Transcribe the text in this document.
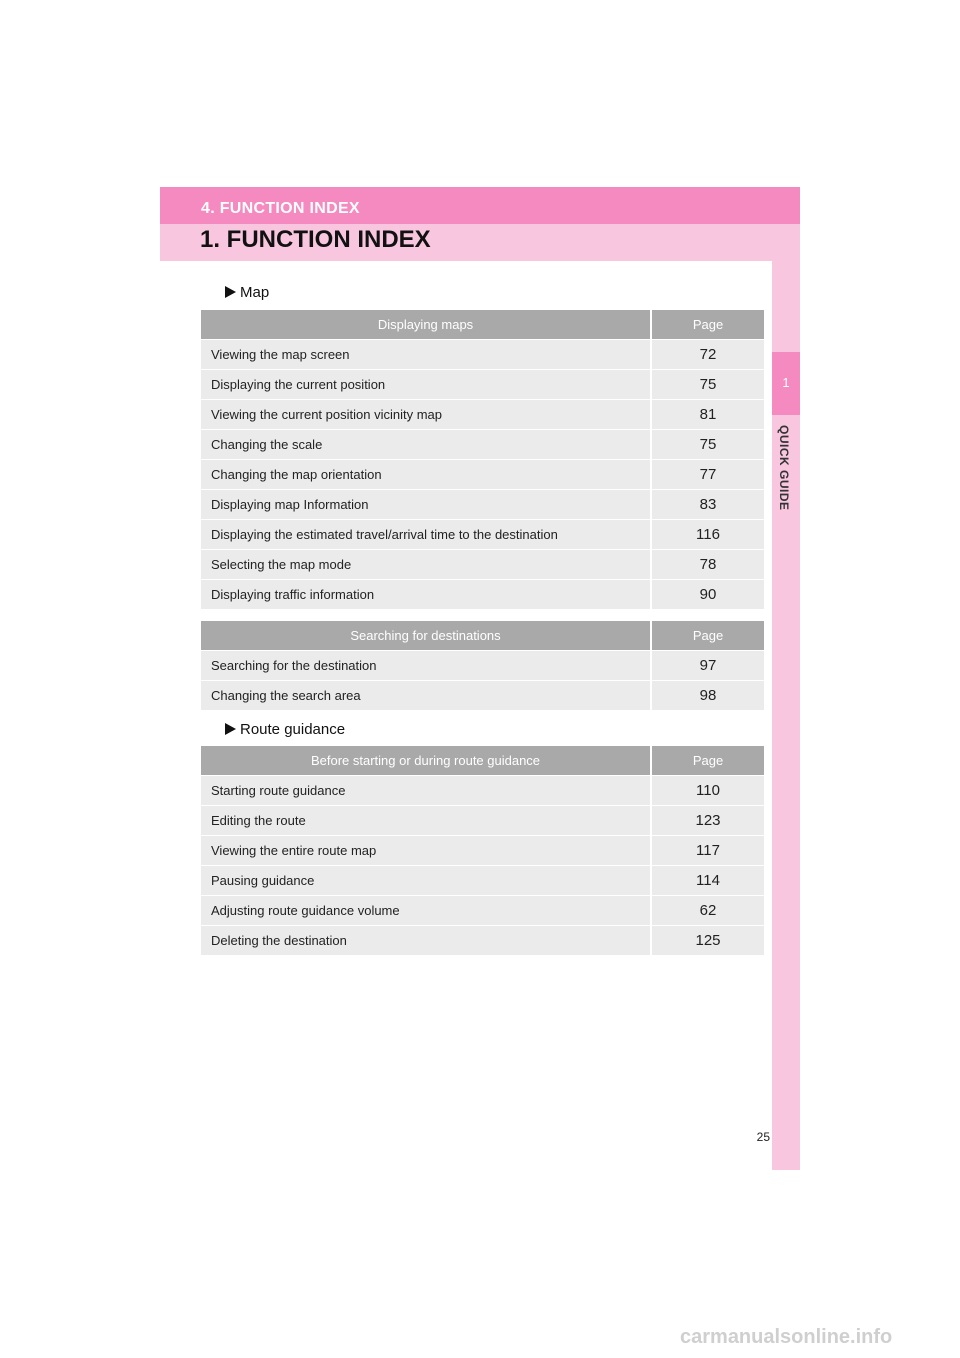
4. FUNCTION INDEX
1. FUNCTION INDEX
1
QUICK GUIDE
Map
Displaying maps	Page
Viewing the map screen	72
Displaying the current position	75
Viewing the current position vicinity map	81
Changing the scale	75
Changing the map orientation	77
Displaying map Information	83
Displaying the estimated travel/arrival time to the destination	116
Selecting the map mode	78
Displaying traffic information	90
Searching for destinations	Page
Searching for the destination	97
Changing the search area	98
Route guidance
Before starting or during route guidance	Page
Starting route guidance	110
Editing the route	123
Viewing the entire route map	117
Pausing guidance	114
Adjusting route guidance volume	62
Deleting the destination	125
25
carmanualsonline.info
